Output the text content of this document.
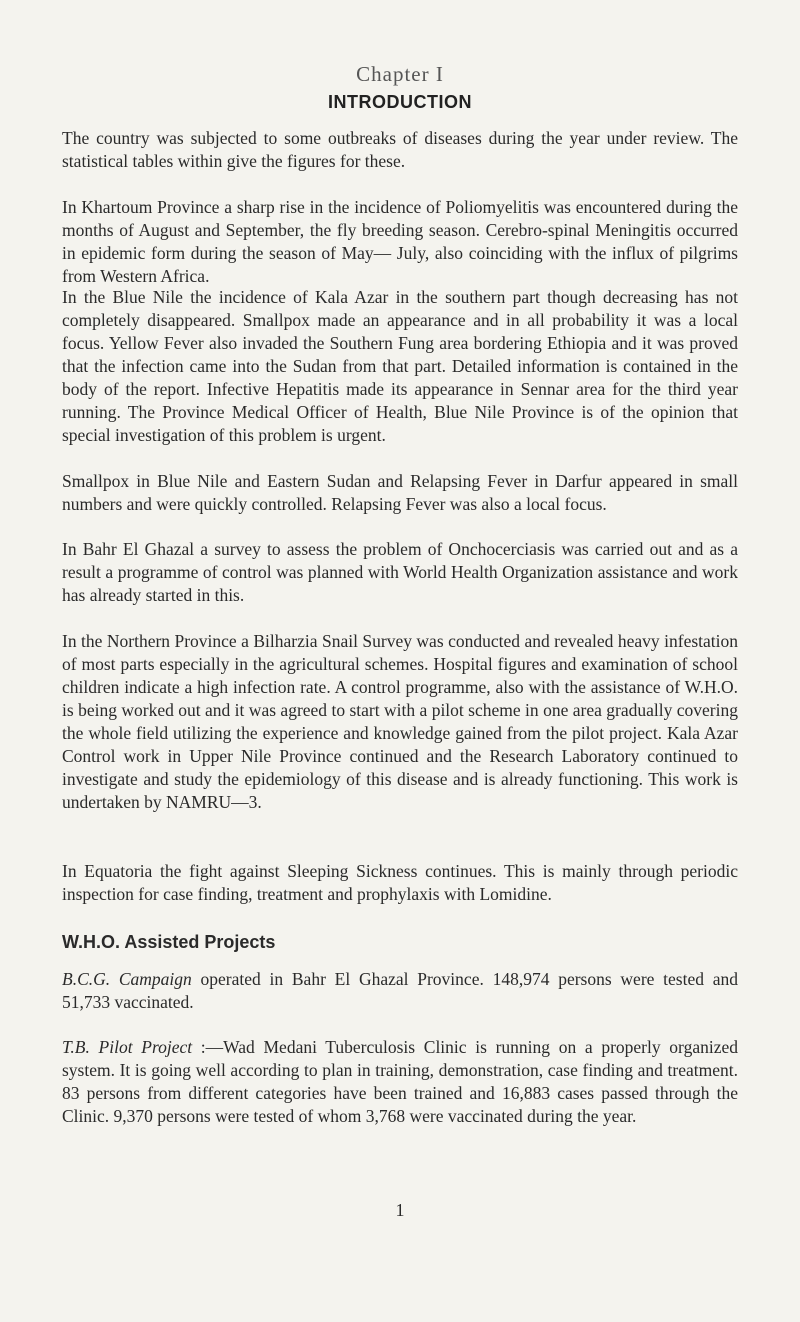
Chapter I
INTRODUCTION

The country was subjected to some outbreaks of diseases during the year under review. The statistical tables within give the figures for these.

In Khartoum Province a sharp rise in the incidence of Poliomyelitis was encountered during the months of August and September, the fly breeding season. Cerebro-spinal Meningitis occurred in epidemic form during the season of May— July, also coinciding with the influx of pilgrims from Western Africa.

In the Blue Nile the incidence of Kala Azar in the southern part though decreasing has not completely disappeared. Smallpox made an appearance and in all probability it was a local focus. Yellow Fever also invaded the Southern Fung area bordering Ethiopia and it was proved that the infection came into the Sudan from that part. Detailed information is contained in the body of the report. Infective Hepatitis made its appearance in Sennar area for the third year running. The Province Medical Officer of Health, Blue Nile Province is of the opinion that special investigation of this problem is urgent.

Smallpox in Blue Nile and Eastern Sudan and Relapsing Fever in Darfur appeared in small numbers and were quickly controlled. Relapsing Fever was also a local focus.

In Bahr El Ghazal a survey to assess the problem of Onchocerciasis was carried out and as a result a programme of control was planned with World Health Organization assistance and work has already started in this.

In the Northern Province a Bilharzia Snail Survey was conducted and revealed heavy infestation of most parts especially in the agricultural schemes. Hospital figures and examination of school children indicate a high infection rate. A control programme, also with the assistance of W.H.O. is being worked out and it was agreed to start with a pilot scheme in one area gradually covering the whole field utilizing the experience and knowledge gained from the pilot project. Kala Azar Control work in Upper Nile Province continued and the Research Laboratory continued to investigate and study the epidemiology of this disease and is already functioning. This work is undertaken by NAMRU—3.

In Equatoria the fight against Sleeping Sickness continues. This is mainly through periodic inspection for case finding, treatment and prophylaxis with Lomidine.

W.H.O. Assisted Projects

B.C.G. Campaign operated in Bahr El Ghazal Province. 148,974 persons were tested and 51,733 vaccinated.

T.B. Pilot Project :—Wad Medani Tuberculosis Clinic is running on a properly organized system. It is going well according to plan in training, demonstration, case finding and treatment. 83 persons from different categories have been trained and 16,883 cases passed through the Clinic. 9,370 persons were tested of whom 3,768 were vaccinated during the year.

1
